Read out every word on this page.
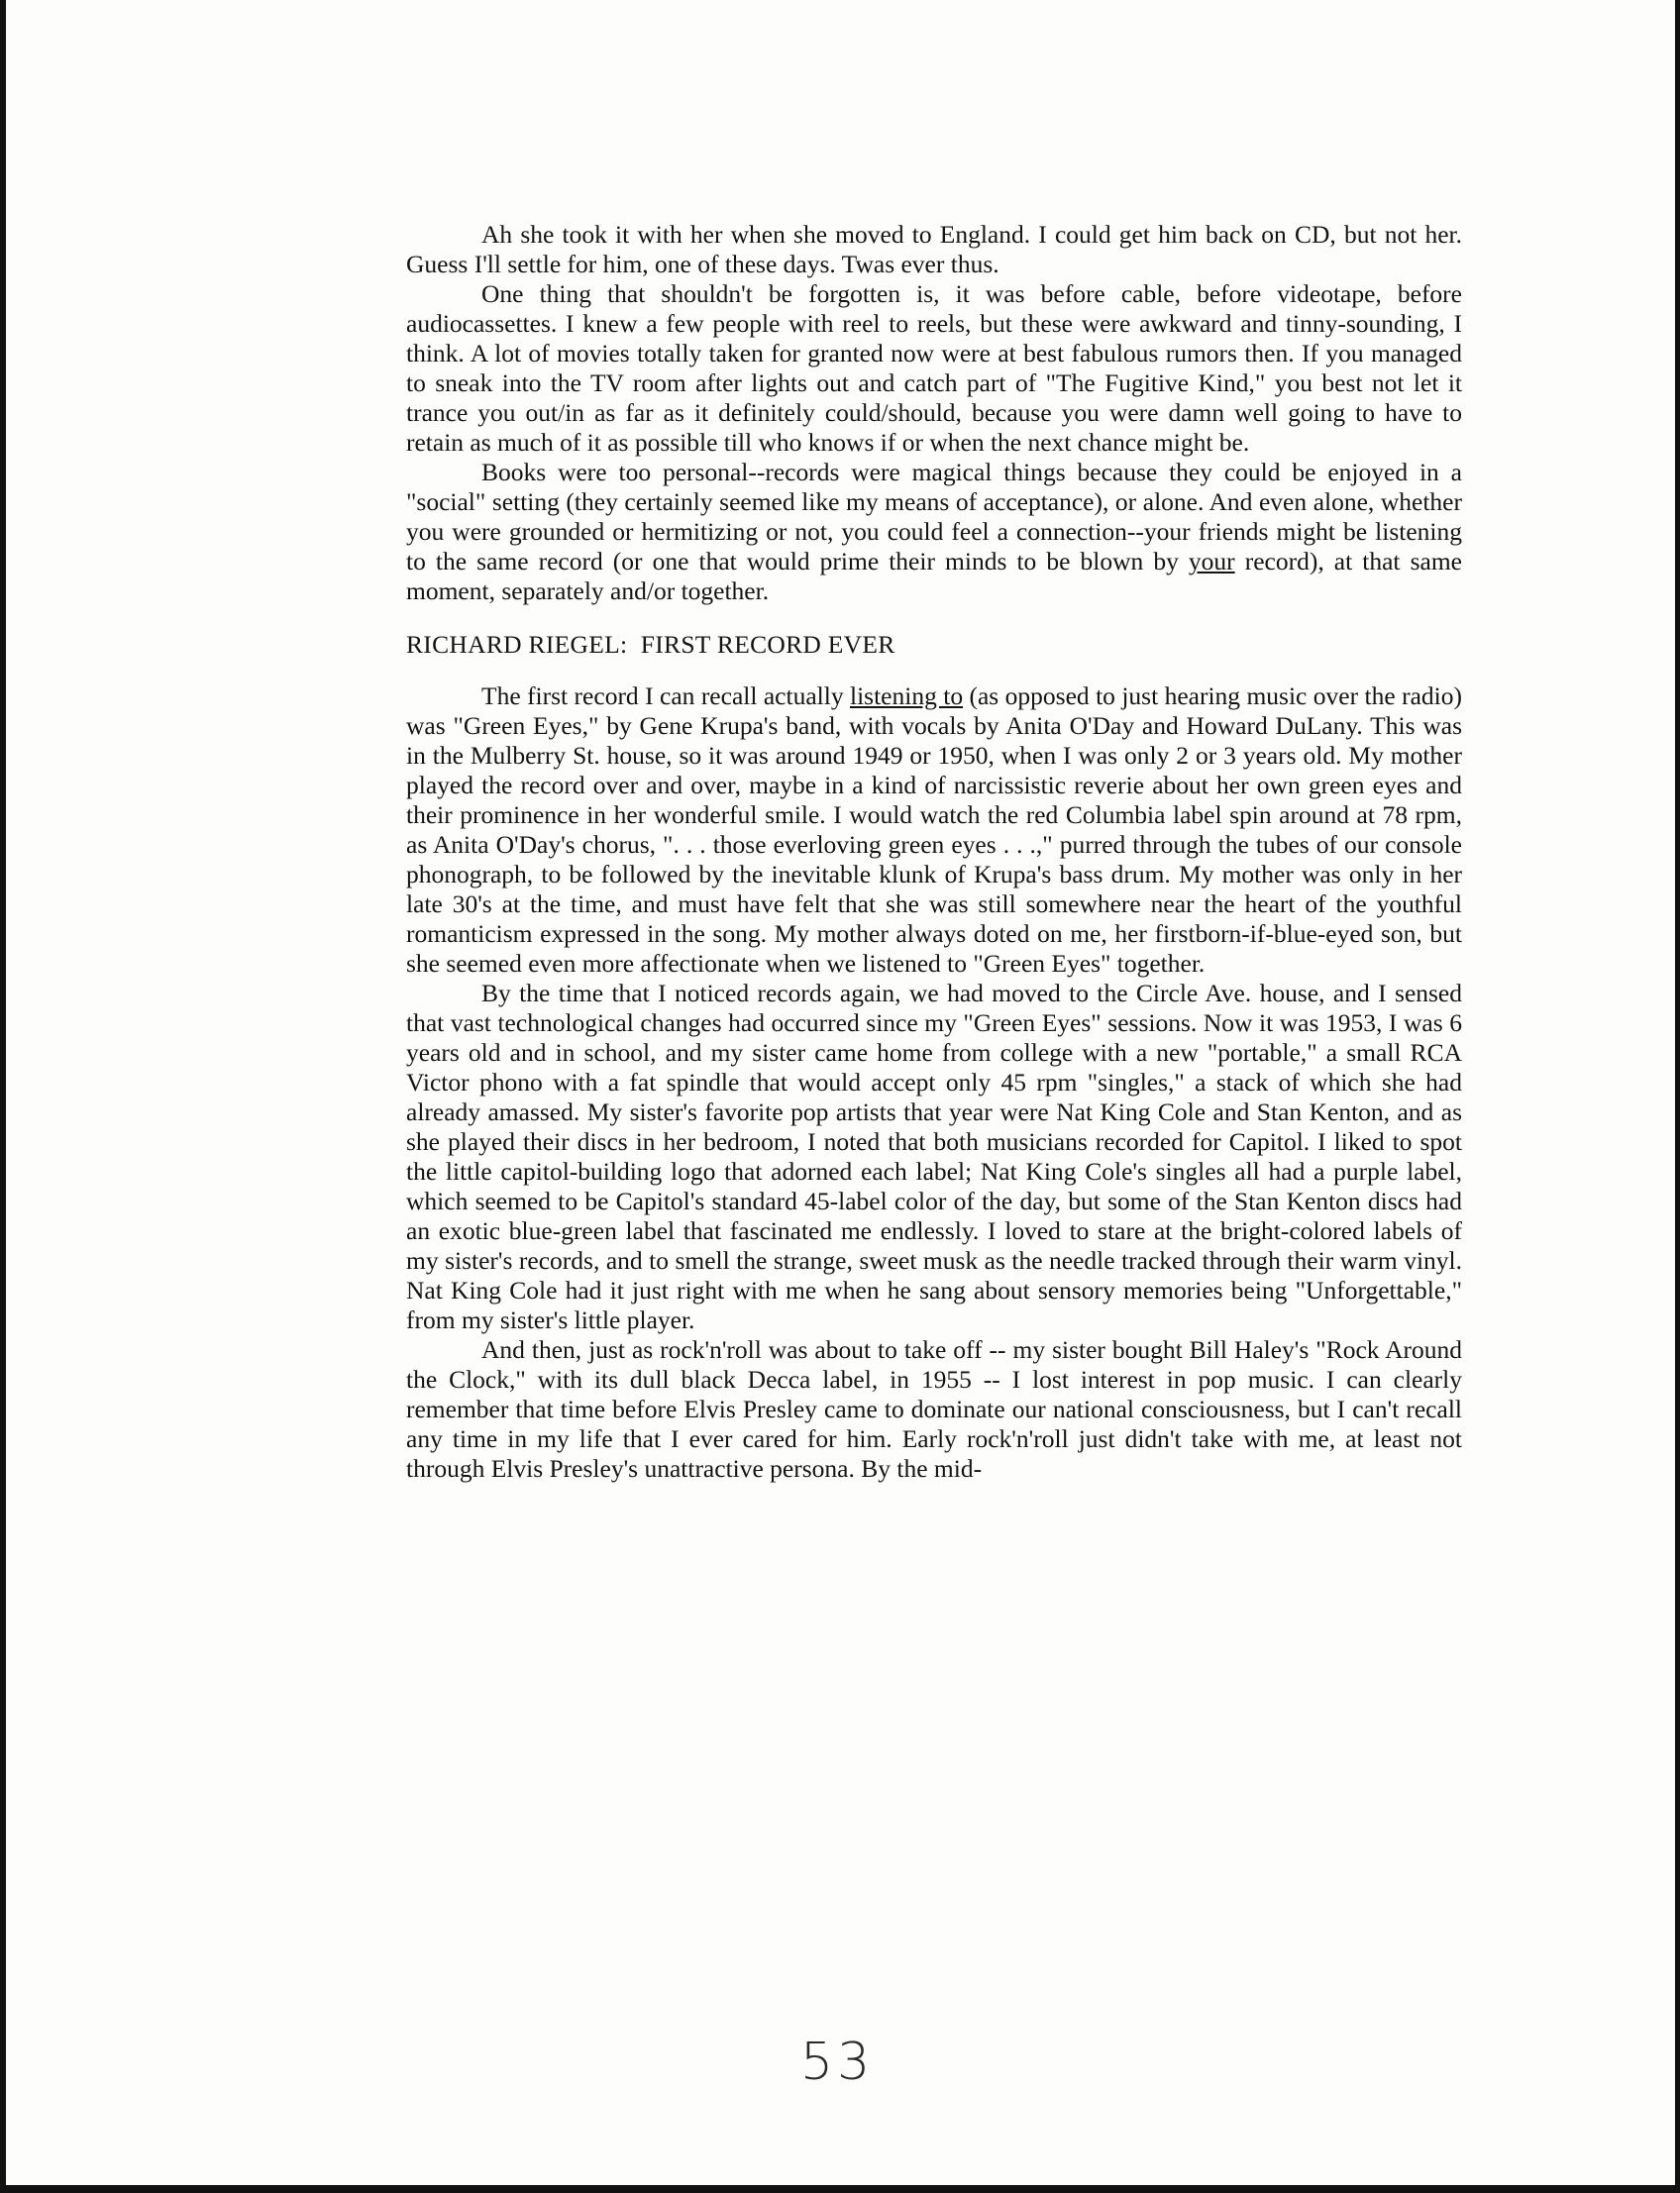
Ah she took it with her when she moved to England. I could get him back on CD, but not her. Guess I'll settle for him, one of these days. Twas ever thus.

One thing that shouldn't be forgotten is, it was before cable, before videotape, before audiocassettes. I knew a few people with reel to reels, but these were awkward and tinny-sounding, I think. A lot of movies totally taken for granted now were at best fabulous rumors then. If you managed to sneak into the TV room after lights out and catch part of "The Fugitive Kind," you best not let it trance you out/in as far as it definitely could/should, because you were damn well going to have to retain as much of it as possible till who knows if or when the next chance might be.

Books were too personal--records were magical things because they could be enjoyed in a "social" setting (they certainly seemed like my means of acceptance), or alone. And even alone, whether you were grounded or hermitizing or not, you could feel a connection--your friends might be listening to the same record (or one that would prime their minds to be blown by your record), at that same moment, separately and/or together.

RICHARD RIEGEL: FIRST RECORD EVER

The first record I can recall actually listening to (as opposed to just hearing music over the radio) was "Green Eyes," by Gene Krupa's band, with vocals by Anita O'Day and Howard DuLany. This was in the Mulberry St. house, so it was around 1949 or 1950, when I was only 2 or 3 years old. My mother played the record over and over, maybe in a kind of narcissistic reverie about her own green eyes and their prominence in her wonderful smile. I would watch the red Columbia label spin around at 78 rpm, as Anita O'Day's chorus, ". . . those everloving green eyes . . .," purred through the tubes of our console phonograph, to be followed by the inevitable klunk of Krupa's bass drum. My mother was only in her late 30's at the time, and must have felt that she was still somewhere near the heart of the youthful romanticism expressed in the song. My mother always doted on me, her firstborn-if-blue-eyed son, but she seemed even more affectionate when we listened to "Green Eyes" together.

By the time that I noticed records again, we had moved to the Circle Ave. house, and I sensed that vast technological changes had occurred since my "Green Eyes" sessions. Now it was 1953, I was 6 years old and in school, and my sister came home from college with a new "portable," a small RCA Victor phono with a fat spindle that would accept only 45 rpm "singles," a stack of which she had already amassed. My sister's favorite pop artists that year were Nat King Cole and Stan Kenton, and as she played their discs in her bedroom, I noted that both musicians recorded for Capitol. I liked to spot the little capitol-building logo that adorned each label; Nat King Cole's singles all had a purple label, which seemed to be Capitol's standard 45-label color of the day, but some of the Stan Kenton discs had an exotic blue-green label that fascinated me endlessly. I loved to stare at the bright-colored labels of my sister's records, and to smell the strange, sweet musk as the needle tracked through their warm vinyl. Nat King Cole had it just right with me when he sang about sensory memories being "Unforgettable," from my sister's little player.

And then, just as rock'n'roll was about to take off -- my sister bought Bill Haley's "Rock Around the Clock," with its dull black Decca label, in 1955 -- I lost interest in pop music. I can clearly remember that time before Elvis Presley came to dominate our national consciousness, but I can't recall any time in my life that I ever cared for him. Early rock'n'roll just didn't take with me, at least not through Elvis Presley's unattractive persona. By the mid-

53
